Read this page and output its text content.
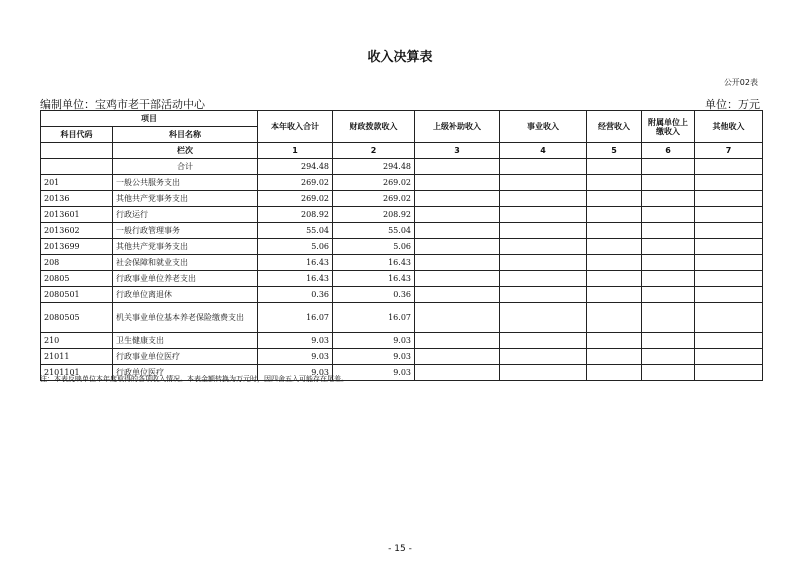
收入决算表
公开02表
编制单位：宝鸡市老干部活动中心	单位：万元
项目		本年收入合计	财政拨款收入	上级补助收入	事业收入	经营收入	附属单位上缴收入	其他收入
科目代码	科目名称							
	栏次	1	2	3	4	5	6	7
	合计	294.48	294.48					
201	一般公共服务支出	269.02	269.02					
20136	其他共产党事务支出	269.02	269.02					
2013601	行政运行	208.92	208.92					
2013602	一般行政管理事务	55.04	55.04					
2013699	其他共产党事务支出	5.06	5.06					
208	社会保障和就业支出	16.43	16.43					
20805	行政事业单位养老支出	16.43	16.43					
2080501	行政单位离退休	0.36	0.36					
2080505	机关事业单位基本养老保险缴费支出	16.07	16.07					
210	卫生健康支出	9.03	9.03					
21011	行政事业单位医疗	9.03	9.03					
2101101	行政单位医疗	9.03	9.03					
注：本表反映单位本年度取得的各项收入情况。本表金额转换为万元时，因四舍五入可能存在尾差。
- 15 -
